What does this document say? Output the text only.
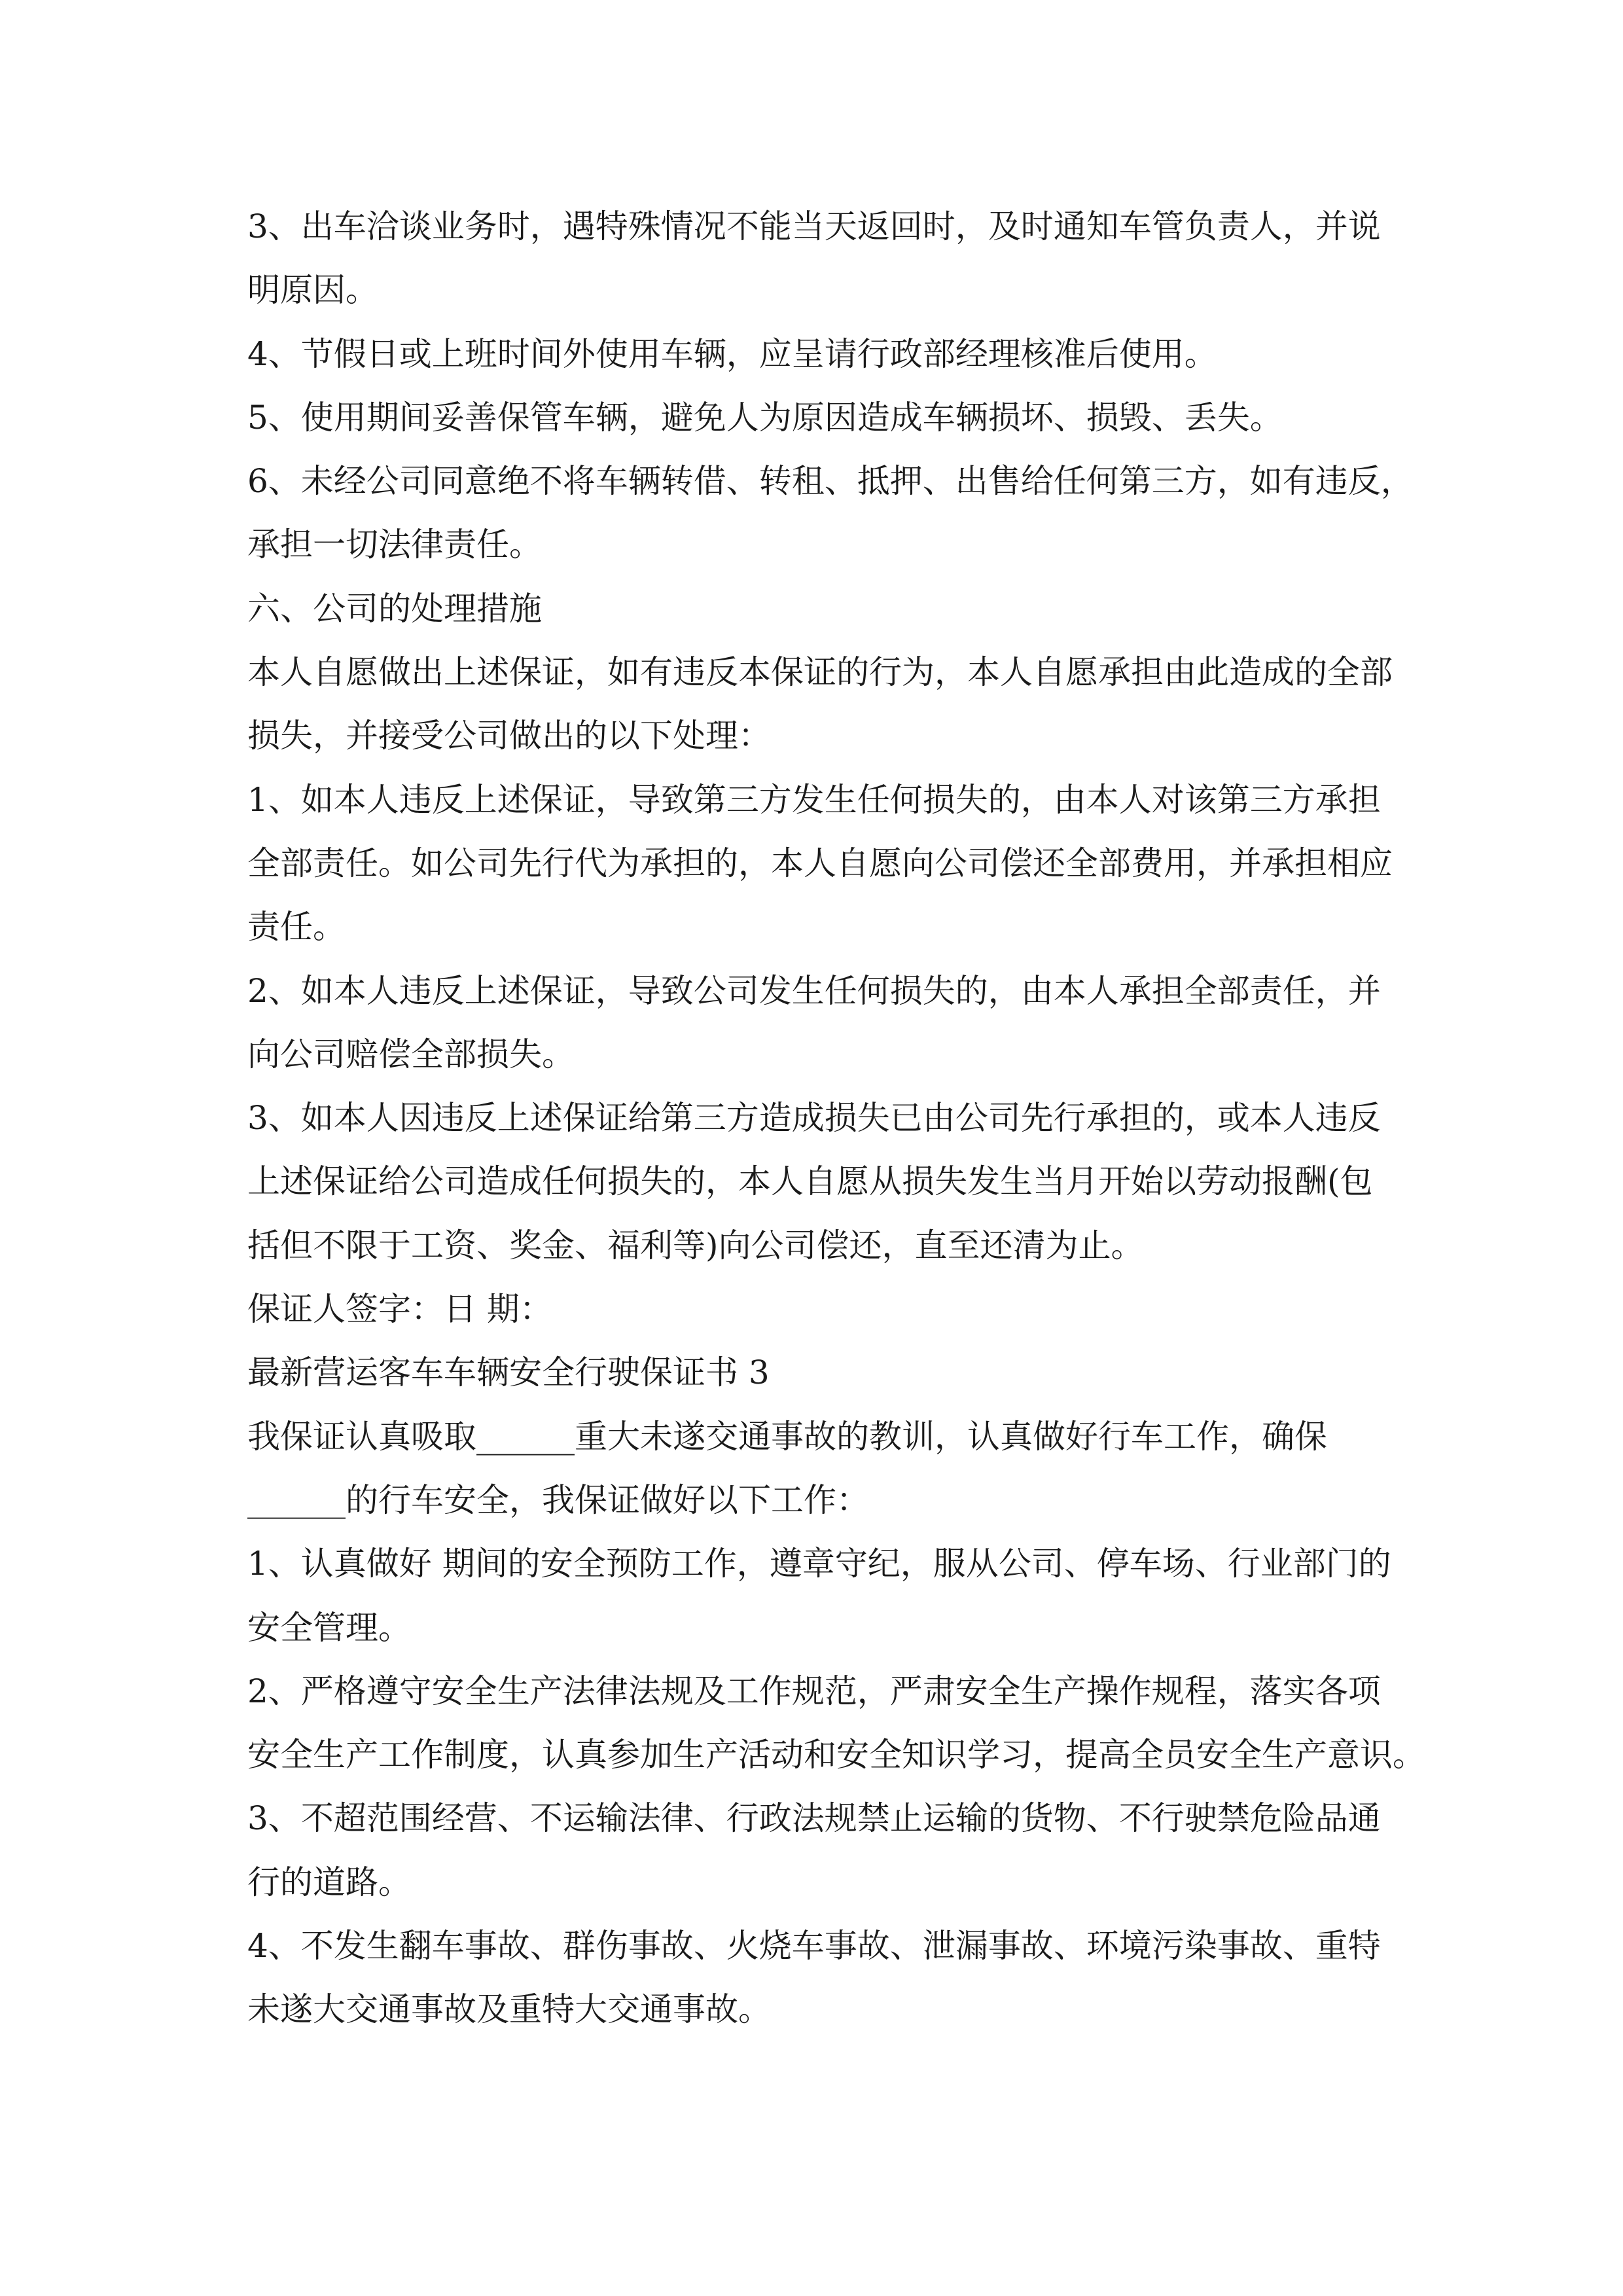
3、出车洽谈业务时，遇特殊情况不能当天返回时，及时通知车管负责人，并说
明原因。

4、节假日或上班时间外使用车辆，应呈请行政部经理核准后使用。

5、使用期间妥善保管车辆，避免人为原因造成车辆损坏、损毁、丢失。

6、未经公司同意绝不将车辆转借、转租、抵押、出售给任何第三方，如有违反，
承担一切法律责任。

六、公司的处理措施

本人自愿做出上述保证，如有违反本保证的行为，本人自愿承担由此造成的全部
损失，并接受公司做出的以下处理：

1、如本人违反上述保证，导致第三方发生任何损失的，由本人对该第三方承担
全部责任。如公司先行代为承担的，本人自愿向公司偿还全部费用，并承担相应
责任。

2、如本人违反上述保证，导致公司发生任何损失的，由本人承担全部责任，并
向公司赔偿全部损失。

3、如本人因违反上述保证给第三方造成损失已由公司先行承担的，或本人违反
上述保证给公司造成任何损失的，本人自愿从损失发生当月开始以劳动报酬(包
括但不限于工资、奖金、福利等)向公司偿还，直至还清为止。

保证人签字：日 期：

最新营运客车车辆安全行驶保证书 3

我保证认真吸取______重大未遂交通事故的教训，认真做好行车工作，确保
______的行车安全，我保证做好以下工作：

1、认真做好 期间的安全预防工作，遵章守纪，服从公司、停车场、行业部门的
安全管理。

2、严格遵守安全生产法律法规及工作规范，严肃安全生产操作规程，落实各项
安全生产工作制度，认真参加生产活动和安全知识学习，提高全员安全生产意识。

3、不超范围经营、不运输法律、行政法规禁止运输的货物、不行驶禁危险品通
行的道路。

4、不发生翻车事故、群伤事故、火烧车事故、泄漏事故、环境污染事故、重特
未遂大交通事故及重特大交通事故。
